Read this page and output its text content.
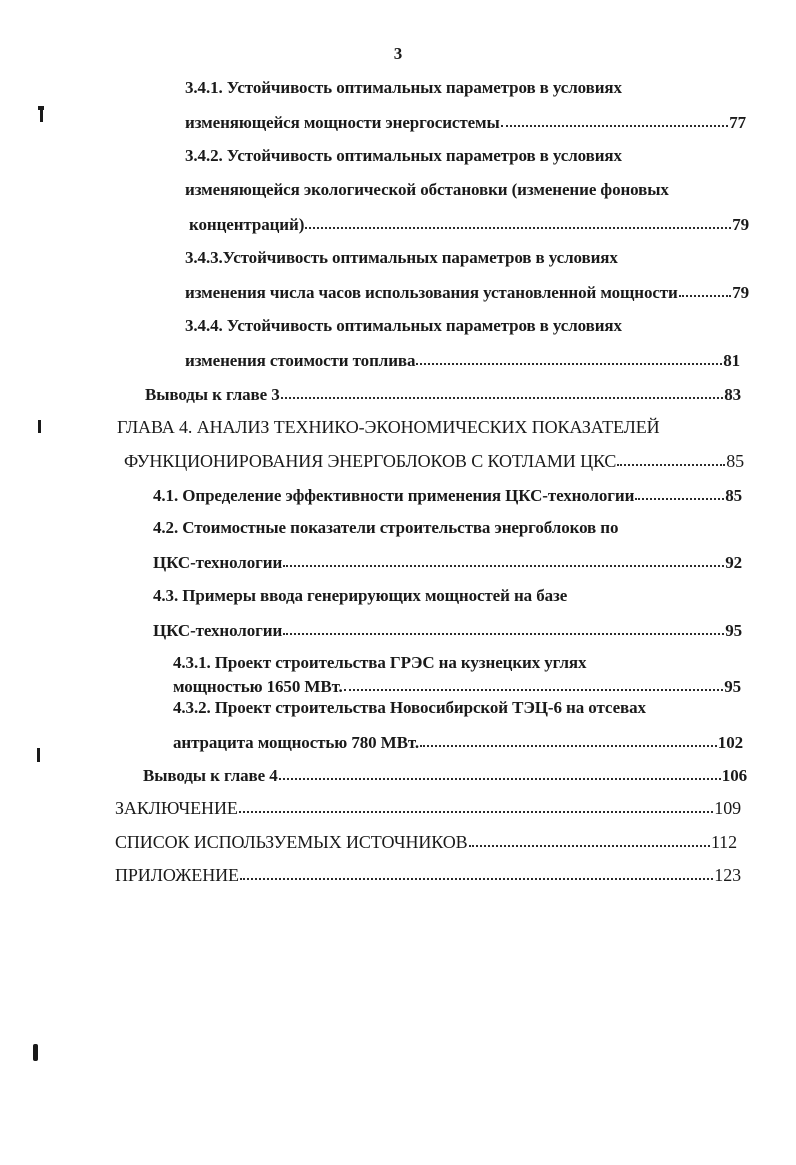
3
3.4.1. Устойчивость оптимальных параметров в условиях
изменяющейся мощности энергосистемы	77
3.4.2. Устойчивость оптимальных параметров в условиях
изменяющейся экологической обстановки (изменение фоновых
концентраций)	79
3.4.3.Устойчивость оптимальных параметров в условиях
изменения числа часов использования установленной мощности	79
3.4.4. Устойчивость оптимальных параметров в условиях
изменения стоимости топлива	81
Выводы к главе 3	83
ГЛАВА 4. АНАЛИЗ ТЕХНИКО-ЭКОНОМИЧЕСКИХ ПОКАЗАТЕЛЕЙ
ФУНКЦИОНИРОВАНИЯ ЭНЕРГОБЛОКОВ С КОТЛАМИ ЦКС	85
4.1. Определение эффективности применения ЦКС-технологии	85
4.2. Стоимостные показатели строительства энергоблоков по
ЦКС-технологии	92
4.3. Примеры ввода генерирующих мощностей на базе
ЦКС-технологии	95
4.3.1. Проект строительства ГРЭС на кузнецких углях
мощностью 1650 МВт.	95
4.3.2. Проект строительства Новосибирской ТЭЦ-6 на отсевах
антрацита мощностью 780 МВт.	102
Выводы к главе 4	106
ЗАКЛЮЧЕНИЕ	109
СПИСОК ИСПОЛЬЗУЕМЫХ ИСТОЧНИКОВ	112
ПРИЛОЖЕНИЕ	123
